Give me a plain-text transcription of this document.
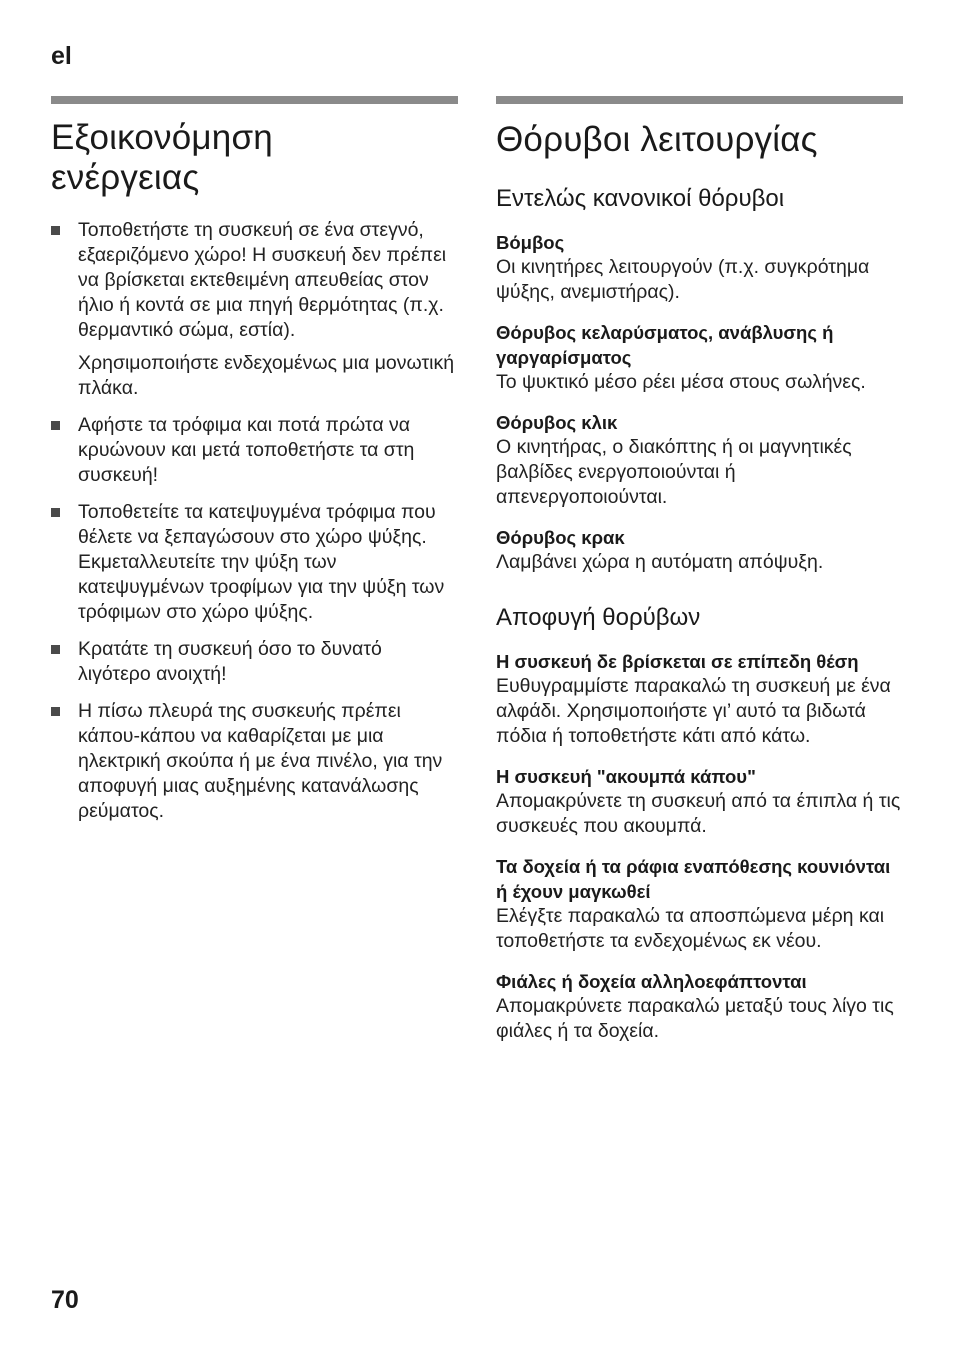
el
Εξοικονόμηση
ενέργειας

Τοποθετήστε τη συσκευή σε ένα στεγνό, εξαεριζόμενο χώρο! Η συσκευή δεν πρέπει να βρίσκεται εκτεθειμένη απευθείας στον ήλιο ή κοντά σε μια πηγή θερμότητας (π.χ. θερμαντικό σώμα, εστία).

Χρησιμοποιήστε ενδεχομένως μια μονωτική πλάκα.

Αφήστε τα τρόφιμα και ποτά πρώτα να κρυώνουν και μετά τοποθετήστε τα στη συσκευή!

Τοποθετείτε τα κατεψυγμένα τρόφιμα που θέλετε να ξεπαγώσουν στο χώρο ψύξης. Εκμεταλλευτείτε την ψύξη των κατεψυγμένων τροφίμων για την ψύξη των τρόφιμων στο χώρο ψύξης.

Κρατάτε τη συσκευή όσο το δυνατό λιγότερο ανοιχτή!

Η πίσω πλευρά της συσκευής πρέπει κάπου-κάπου να καθαρίζεται με μια ηλεκτρική σκούπα ή με ένα πινέλο, για την αποφυγή μιας αυξημένης κατανάλωσης ρεύματος.

Θόρυβοι λειτουργίας
Εντελώς κανονικοί θόρυβοι
Βόμβος

Οι κινητήρες λειτουργούν (π.χ. συγκρότημα ψύξης, ανεμιστήρας).

Θόρυβος κελαρύσματος, ανάβλυσης ή γαργαρίσματος

Το ψυκτικό μέσο ρέει μέσα στους σωλήνες.

Θόρυβος κλικ

Ο κινητήρας, ο διακόπτης ή οι μαγνητικές βαλβίδες ενεργοποιούνται ή απενεργοποιούνται.

Θόρυβος κρακ

Λαμβάνει χώρα η αυτόματη απόψυξη.

Αποφυγή θορύβων
Η συσκευή δε βρίσκεται σε επίπεδη θέση

Ευθυγραμμίστε παρακαλώ τη συσκευή με ένα αλφάδι. Χρησιμοποιήστε γι’ αυτό τα βιδωτά πόδια ή τοποθετήστε κάτι από κάτω.

Η συσκευή "ακουμπά κάπου"

Απομακρύνετε τη συσκευή από τα έπιπλα ή τις συσκευές που ακουμπά.

Τα δοχεία ή τα ράφια εναπόθεσης κουνιόνται ή έχουν μαγκωθεί

Ελέγξτε παρακαλώ τα αποσπώμενα μέρη και τοποθετήστε τα ενδεχομένως εκ νέου.

Φιάλες ή δοχεία αλληλοεφάπτονται

Απομακρύνετε παρακαλώ μεταξύ τους λίγο τις φιάλες ή τα δοχεία.

70
